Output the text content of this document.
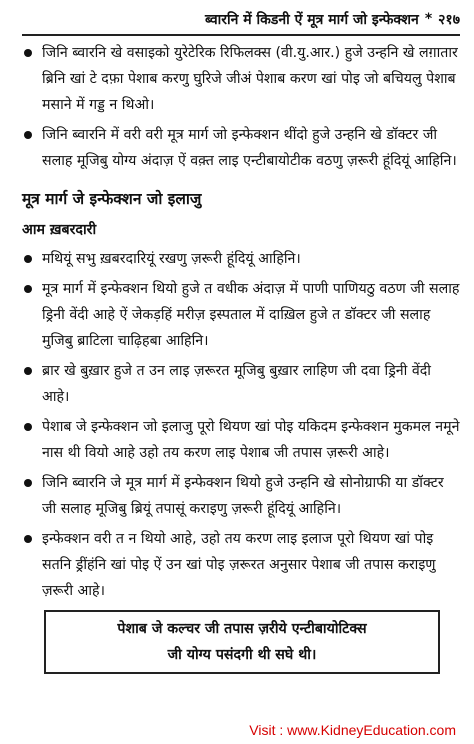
ब्वारनि में किडनी ऐं मूत्र मार्ग जो इन्फेक्शन * २१७
जिनि ब्वारनि खे वसाइको युरेटेरिक रिफिलक्स (वी.यु.आर.) हुजे उन्हनि खे लग़ातार ब्रिनि खां टे दफ़ा पेशाब करणु घुरिजे जीअं पेशाब करण खां पोइ जो बचियलु पेशाब मसाने में गड्ड न थिओ।
जिनि ब्वारनि में वरी वरी मूत्र मार्ग जो इन्फेक्शन थींदो हुजे उन्हनि खे डॉक्टर जी सलाह मूजिबु योग्य अंदाज़ ऐं वक़्त लाइ एन्टीबायोटीक वठणु ज़रूरी हूंदियूं आहिनि।
मूत्र मार्ग जे इन्फेक्शन जो इलाजु
आम ख़बरदारी
मथियूं सभु ख़बरदारियूं रखणु ज़रूरी हूंदियूं आहिनि।
मूत्र मार्ग में इन्फेक्शन थियो हुजे त वधीक अंदाज़ में पाणी पाणियठु वठण जी सलाह ड्रिनी वेंदी आहे ऐं जेकड़हिं मरीज़ इस्पताल में दाख़िल हुजे त डॉक्टर जी सलाह मुजिबु ब्राटिला चाढ़िहबा आहिनि।
ब्रार खे बुख़ार हुजे त उन लाइ ज़रूरत मूजिबु बुख़ार लाहिण जी दवा ड्रिनी वेंदी आहे।
पेशाब जे इन्फेक्शन जो इलाजु पूरो थियण खां पोइ यकिदम इन्फेक्शन मुकमल नमूने नास थी वियो आहे उहो तय करण लाइ पेशाब जी तपास ज़रूरी आहे।
जिनि ब्वारनि जे मूत्र मार्ग में इन्फेक्शन थियो हुजे उन्हनि खे सोनोग्राफी या डॉक्टर जी सलाह मूजिबु ब्रियूं तपासूं कराइणु ज़रूरी हूंदियूं आहिनि।
इन्फेक्शन वरी त न थियो आहे, उहो तय करण लाइ इलाज पूरो थियण खां पोइ सतनि ड्रींहंनि खां पोइ ऐं उन खां पोइ ज़रूरत अनुसार पेशाब जी तपास कराइणु ज़रूरी आहे।
पेशाब जे कल्चर जी तपास ज़रीये एन्टीबायोटिक्स
जी योग्य पसंदगी थी सघे थी।
Visit : www.KidneyEducation.com
